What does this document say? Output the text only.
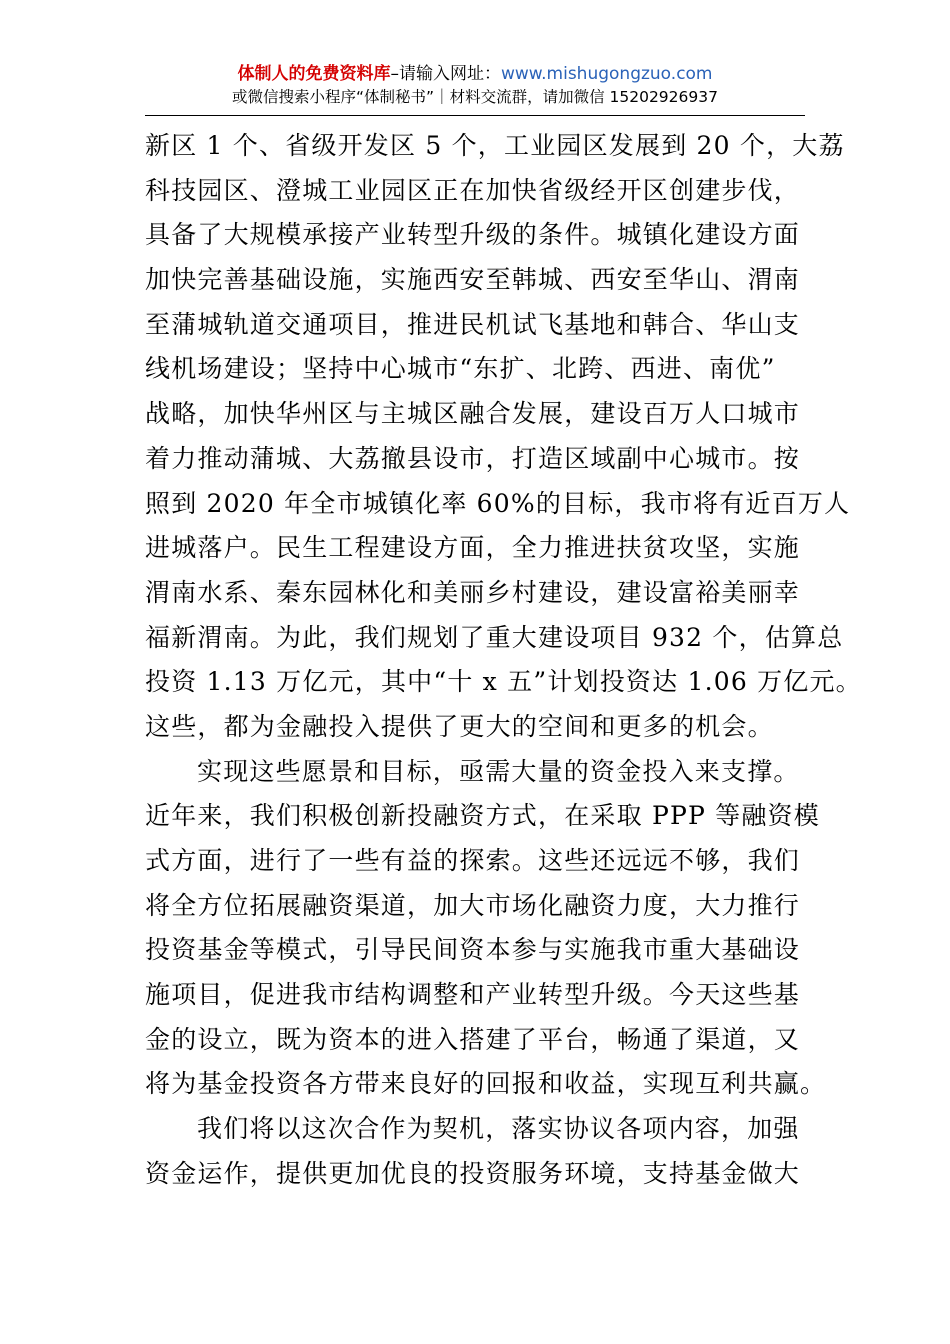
体制人的免费资料库–请输入网址：www.mishugongzuo.com
或微信搜索小程序“体制秘书”｜材料交流群，请加微信 15202926937
新区 1 个、省级开发区 5 个，工业园区发展到 20 个，大荔
科技园区、澄城工业园区正在加快省级经开区创建步伐，
具备了大规模承接产业转型升级的条件。城镇化建设方面
加快完善基础设施，实施西安至韩城、西安至华山、渭南
至蒲城轨道交通项目，推进民机试飞基地和韩合、华山支
线机场建设；坚持中心城市“东扩、北跨、西进、南优”
战略，加快华州区与主城区融合发展，建设百万人口城市
着力推动蒲城、大荔撤县设市，打造区域副中心城市。按
照到 2020 年全市城镇化率 60%的目标，我市将有近百万人
进城落户。民生工程建设方面，全力推进扶贫攻坚，实施
渭南水系、秦东园林化和美丽乡村建设，建设富裕美丽幸
福新渭南。为此，我们规划了重大建设项目 932 个，估算总
投资 1.13 万亿元，其中“十 x 五”计划投资达 1.06 万亿元。
这些，都为金融投入提供了更大的空间和更多的机会。
实现这些愿景和目标，亟需大量的资金投入来支撑。
近年来，我们积极创新投融资方式，在采取 PPP 等融资模
式方面，进行了一些有益的探索。这些还远远不够，我们
将全方位拓展融资渠道，加大市场化融资力度，大力推行
投资基金等模式，引导民间资本参与实施我市重大基础设
施项目，促进我市结构调整和产业转型升级。今天这些基
金的设立，既为资本的进入搭建了平台，畅通了渠道，又
将为基金投资各方带来良好的回报和收益，实现互利共赢。
我们将以这次合作为契机，落实协议各项内容，加强
资金运作，提供更加优良的投资服务环境，支持基金做大
